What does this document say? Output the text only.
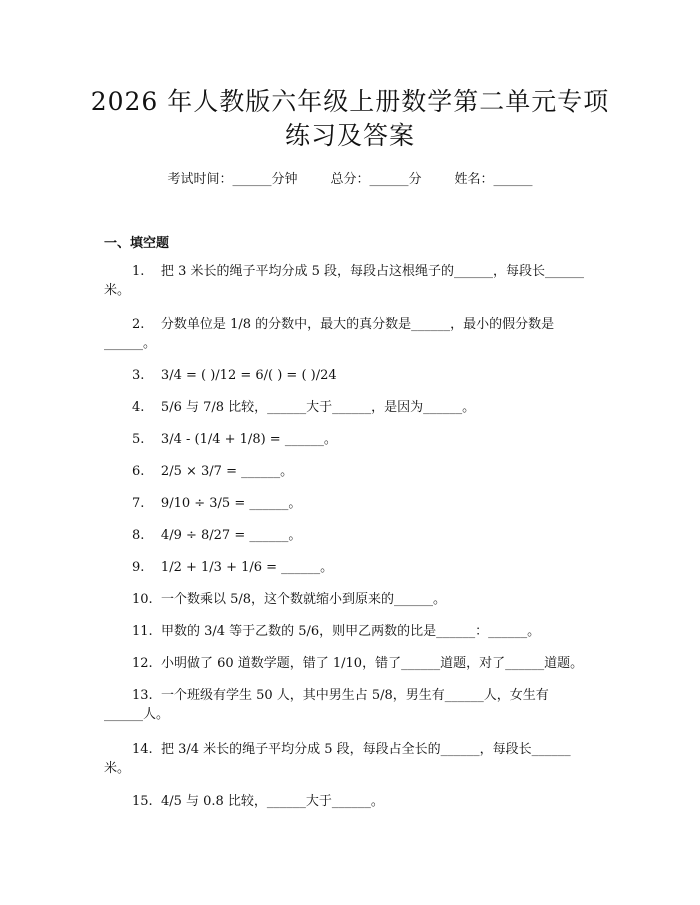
2026 年人教版六年级上册数学第二单元专项
练习及答案
考试时间：______分钟        总分：______分        姓名：______
一、填空题
1.    把 3 米长的绳子平均分成 5 段，每段占这根绳子的______，每段长______
米。
2.    分数单位是 1/8 的分数中，最大的真分数是______，最小的假分数是
______。
3.    3/4 = ( )/12 = 6/( ) = ( )/24
4.    5/6 与 7/8 比较，______大于______，是因为______。
5.    3/4 - (1/4 + 1/8) = ______。
6.    2/5 × 3/7 = ______。
7.    9/10 ÷ 3/5 = ______。
8.    4/9 ÷ 8/27 = ______。
9.    1/2 + 1/3 + 1/6 = ______。
10.  一个数乘以 5/8，这个数就缩小到原来的______。
11.  甲数的 3/4 等于乙数的 5/6，则甲乙两数的比是______：______。
12.  小明做了 60 道数学题，错了 1/10，错了______道题，对了______道题。
13.  一个班级有学生 50 人，其中男生占 5/8，男生有______人，女生有
______人。
14.  把 3/4 米长的绳子平均分成 5 段，每段占全长的______，每段长______
米。
15.  4/5 与 0.8 比较，______大于______。
